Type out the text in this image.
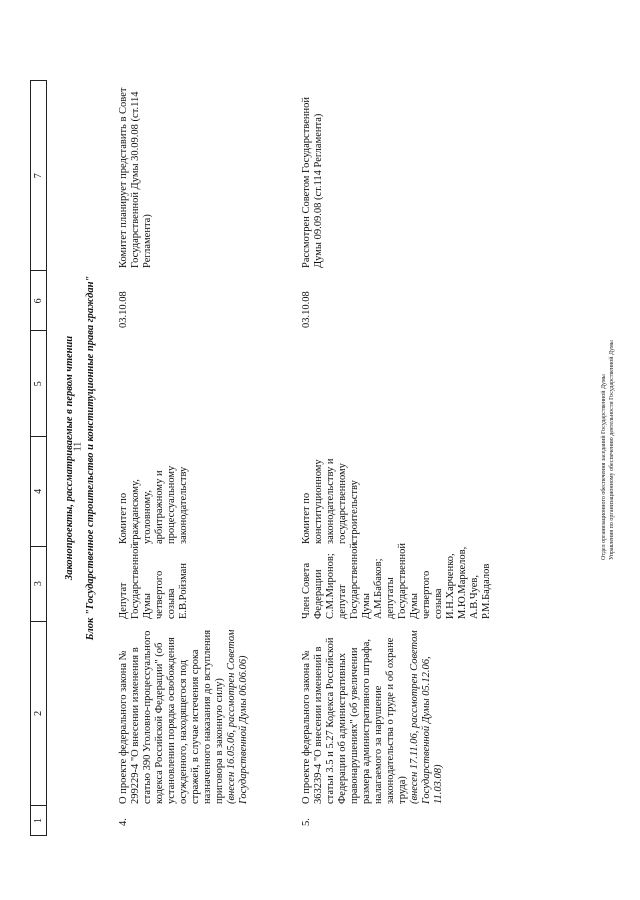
11
1
2
3
4
5
6
7
Законопроекты, рассматриваемые в первом чтении Блок "Государственное строительство и конституционные права граждан"
4.
О проекте федерального закона № 299229-4 "О внесении изменения в статью 390 Уголовно-процессуального кодекса Российской Федерации" (об установлении порядка освобождения осужденного, находящегося под стражей, в случае истечения срока назначенного наказания до вступления приговора в законную силу)
(внесен 16.05.06, рассмотрен Советом Государственной Думы 06.06.06)
Депутат Государственной Думы четвертого созыва Е.В.Ройзман
Комитет по гражданскому, уголовному, арбитражному и процессуальному законодательству
03.10.08
Комитет планирует представить в Совет Государственной Думы 30.09.08 (ст.114 Регламента)
5.
О проекте федерального закона № 363239-4 "О внесении изменений в статьи 3.5 и 5.27 Кодекса Российской Федерации об административных правонарушениях" (об увеличении размера административного штрафа, налагаемого за нарушение законодательства о труде и об охране труда)
(внесен 17.11.06, рассмотрен Советом Государственной Думы 05.12.06, 11.03.08)
Член Совета Федерации С.М.Миронов; депутат Государственной Думы А.М.Бабаков; депутаты Государственной Думы четвертого созыва И.Н.Харченко, М.Ю.Маркелов, А.В.Чуев, Р.М.Бадалов
Комитет по конституционному законодательству и государственному строительству
03.10.08
Рассмотрен Советом Государственной Думы 09.09.08 (ст.114 Регламента)
Отдел организационного обеспечения заседаний Государственной Думы Управления по организационному обеспечению деятельности Государственной Думы
